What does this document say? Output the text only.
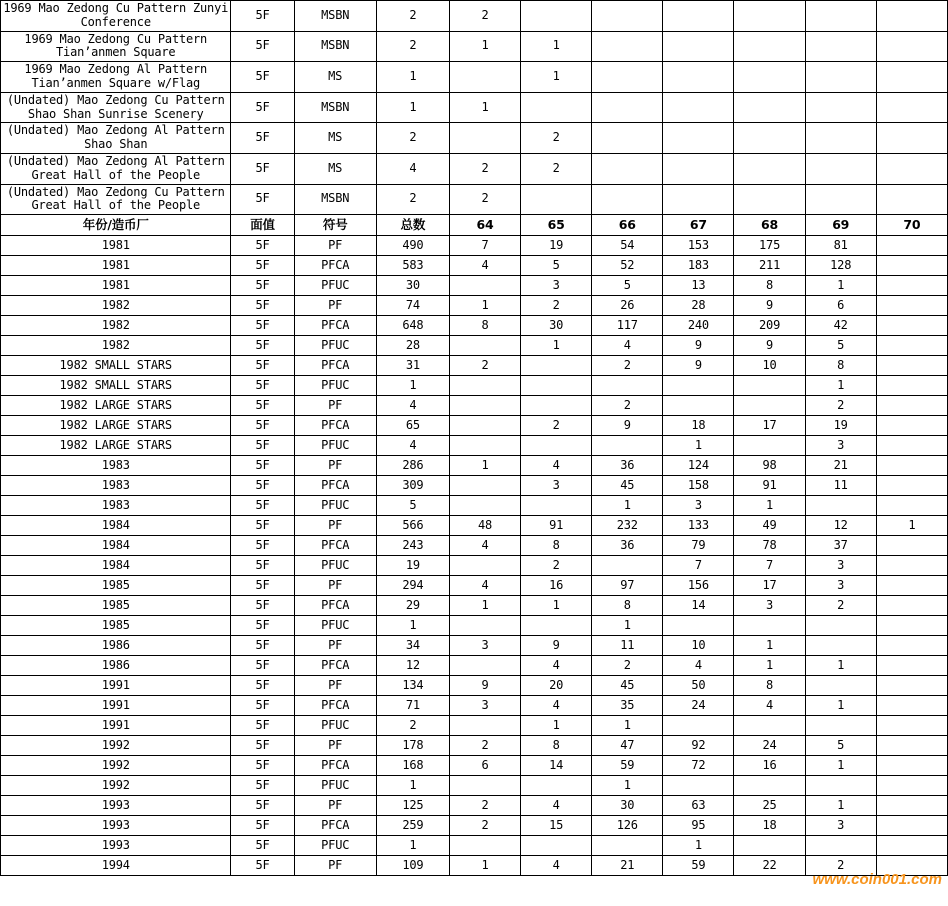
1969 Mao Zedong Cu Pattern Zunyi Conference	5F	MSBN	2	2						
1969 Mao Zedong Cu Pattern Tian’anmen Square	5F	MSBN	2	1	1					
1969 Mao Zedong Al Pattern Tian’anmen Square w/Flag	5F	MS	1		1					
(Undated) Mao Zedong Cu Pattern Shao Shan Sunrise Scenery	5F	MSBN	1	1						
(Undated) Mao Zedong Al Pattern Shao Shan	5F	MS	2		2					
(Undated) Mao Zedong Al Pattern Great Hall of the People	5F	MS	4	2	2					
(Undated) Mao Zedong Cu Pattern Great Hall of the People	5F	MSBN	2	2						
年份/造币厂	面值	符号	总数	64	65	66	67	68	69	70
1981	5F	PF	490	7	19	54	153	175	81	
1981	5F	PFCA	583	4	5	52	183	211	128	
1981	5F	PFUC	30		3	5	13	8	1	
1982	5F	PF	74	1	2	26	28	9	6	
1982	5F	PFCA	648	8	30	117	240	209	42	
1982	5F	PFUC	28		1	4	9	9	5	
1982 SMALL STARS	5F	PFCA	31	2		2	9	10	8	
1982 SMALL STARS	5F	PFUC	1						1	
1982 LARGE STARS	5F	PF	4			2			2	
1982 LARGE STARS	5F	PFCA	65		2	9	18	17	19	
1982 LARGE STARS	5F	PFUC	4				1		3	
1983	5F	PF	286	1	4	36	124	98	21	
1983	5F	PFCA	309		3	45	158	91	11	
1983	5F	PFUC	5			1	3	1		
1984	5F	PF	566	48	91	232	133	49	12	1
1984	5F	PFCA	243	4	8	36	79	78	37	
1984	5F	PFUC	19		2		7	7	3	
1985	5F	PF	294	4	16	97	156	17	3	
1985	5F	PFCA	29	1	1	8	14	3	2	
1985	5F	PFUC	1			1				
1986	5F	PF	34	3	9	11	10	1		
1986	5F	PFCA	12		4	2	4	1	1	
1991	5F	PF	134	9	20	45	50	8		
1991	5F	PFCA	71	3	4	35	24	4	1	
1991	5F	PFUC	2		1	1				
1992	5F	PF	178	2	8	47	92	24	5	
1992	5F	PFCA	168	6	14	59	72	16	1	
1992	5F	PFUC	1			1				
1993	5F	PF	125	2	4	30	63	25	1	
1993	5F	PFCA	259	2	15	126	95	18	3	
1993	5F	PFUC	1				1			
1994	5F	PF	109	1	4	21	59	22	2	
www.coin001.com
